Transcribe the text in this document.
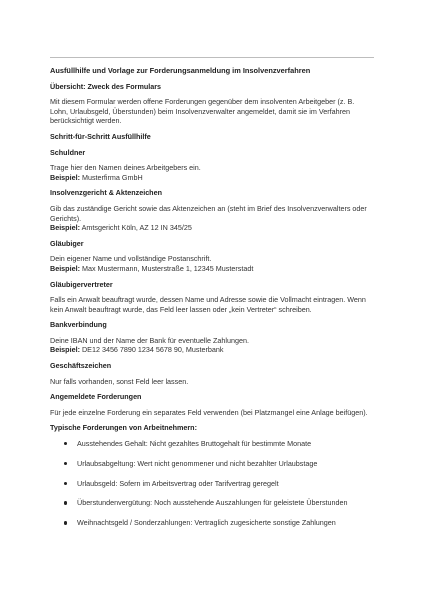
Ausfüllhilfe und Vorlage zur Forderungsanmeldung im Insolvenzverfahren
Übersicht: Zweck des Formulars
Mit diesem Formular werden offene Forderungen gegenüber dem insolventen Arbeitgeber (z. B. Lohn, Urlaubsgeld, Überstunden) beim Insolvenzverwalter angemeldet, damit sie im Verfahren berücksichtigt werden.
Schritt-für-Schritt Ausfüllhilfe
Schuldner
Trage hier den Namen deines Arbeitgebers ein.
Beispiel: Musterfirma GmbH
Insolvenzgericht & Aktenzeichen
Gib das zuständige Gericht sowie das Aktenzeichen an (steht im Brief des Insolvenzverwalters oder Gerichts).
Beispiel: Amtsgericht Köln, AZ 12 IN 345/25
Gläubiger
Dein eigener Name und vollständige Postanschrift.
Beispiel: Max Mustermann, Musterstraße 1, 12345 Musterstadt
Gläubigervertreter
Falls ein Anwalt beauftragt wurde, dessen Name und Adresse sowie die Vollmacht eintragen. Wenn kein Anwalt beauftragt wurde, das Feld leer lassen oder „kein Vertreter“ schreiben.
Bankverbindung
Deine IBAN und der Name der Bank für eventuelle Zahlungen.
Beispiel: DE12 3456 7890 1234 5678 90, Musterbank
Geschäftszeichen
Nur falls vorhanden, sonst Feld leer lassen.
Angemeldete Forderungen
Für jede einzelne Forderung ein separates Feld verwenden (bei Platzmangel eine Anlage beifügen).
Typische Forderungen von Arbeitnehmern:
Ausstehendes Gehalt: Nicht gezahltes Bruttogehalt für bestimmte Monate
Urlaubsabgeltung: Wert nicht genommener und nicht bezahlter Urlaubstage
Urlaubsgeld: Sofern im Arbeitsvertrag oder Tarifvertrag geregelt
Überstundenvergütung: Noch ausstehende Auszahlungen für geleistete Überstunden
Weihnachtsgeld / Sonderzahlungen: Vertraglich zugesicherte sonstige Zahlungen
